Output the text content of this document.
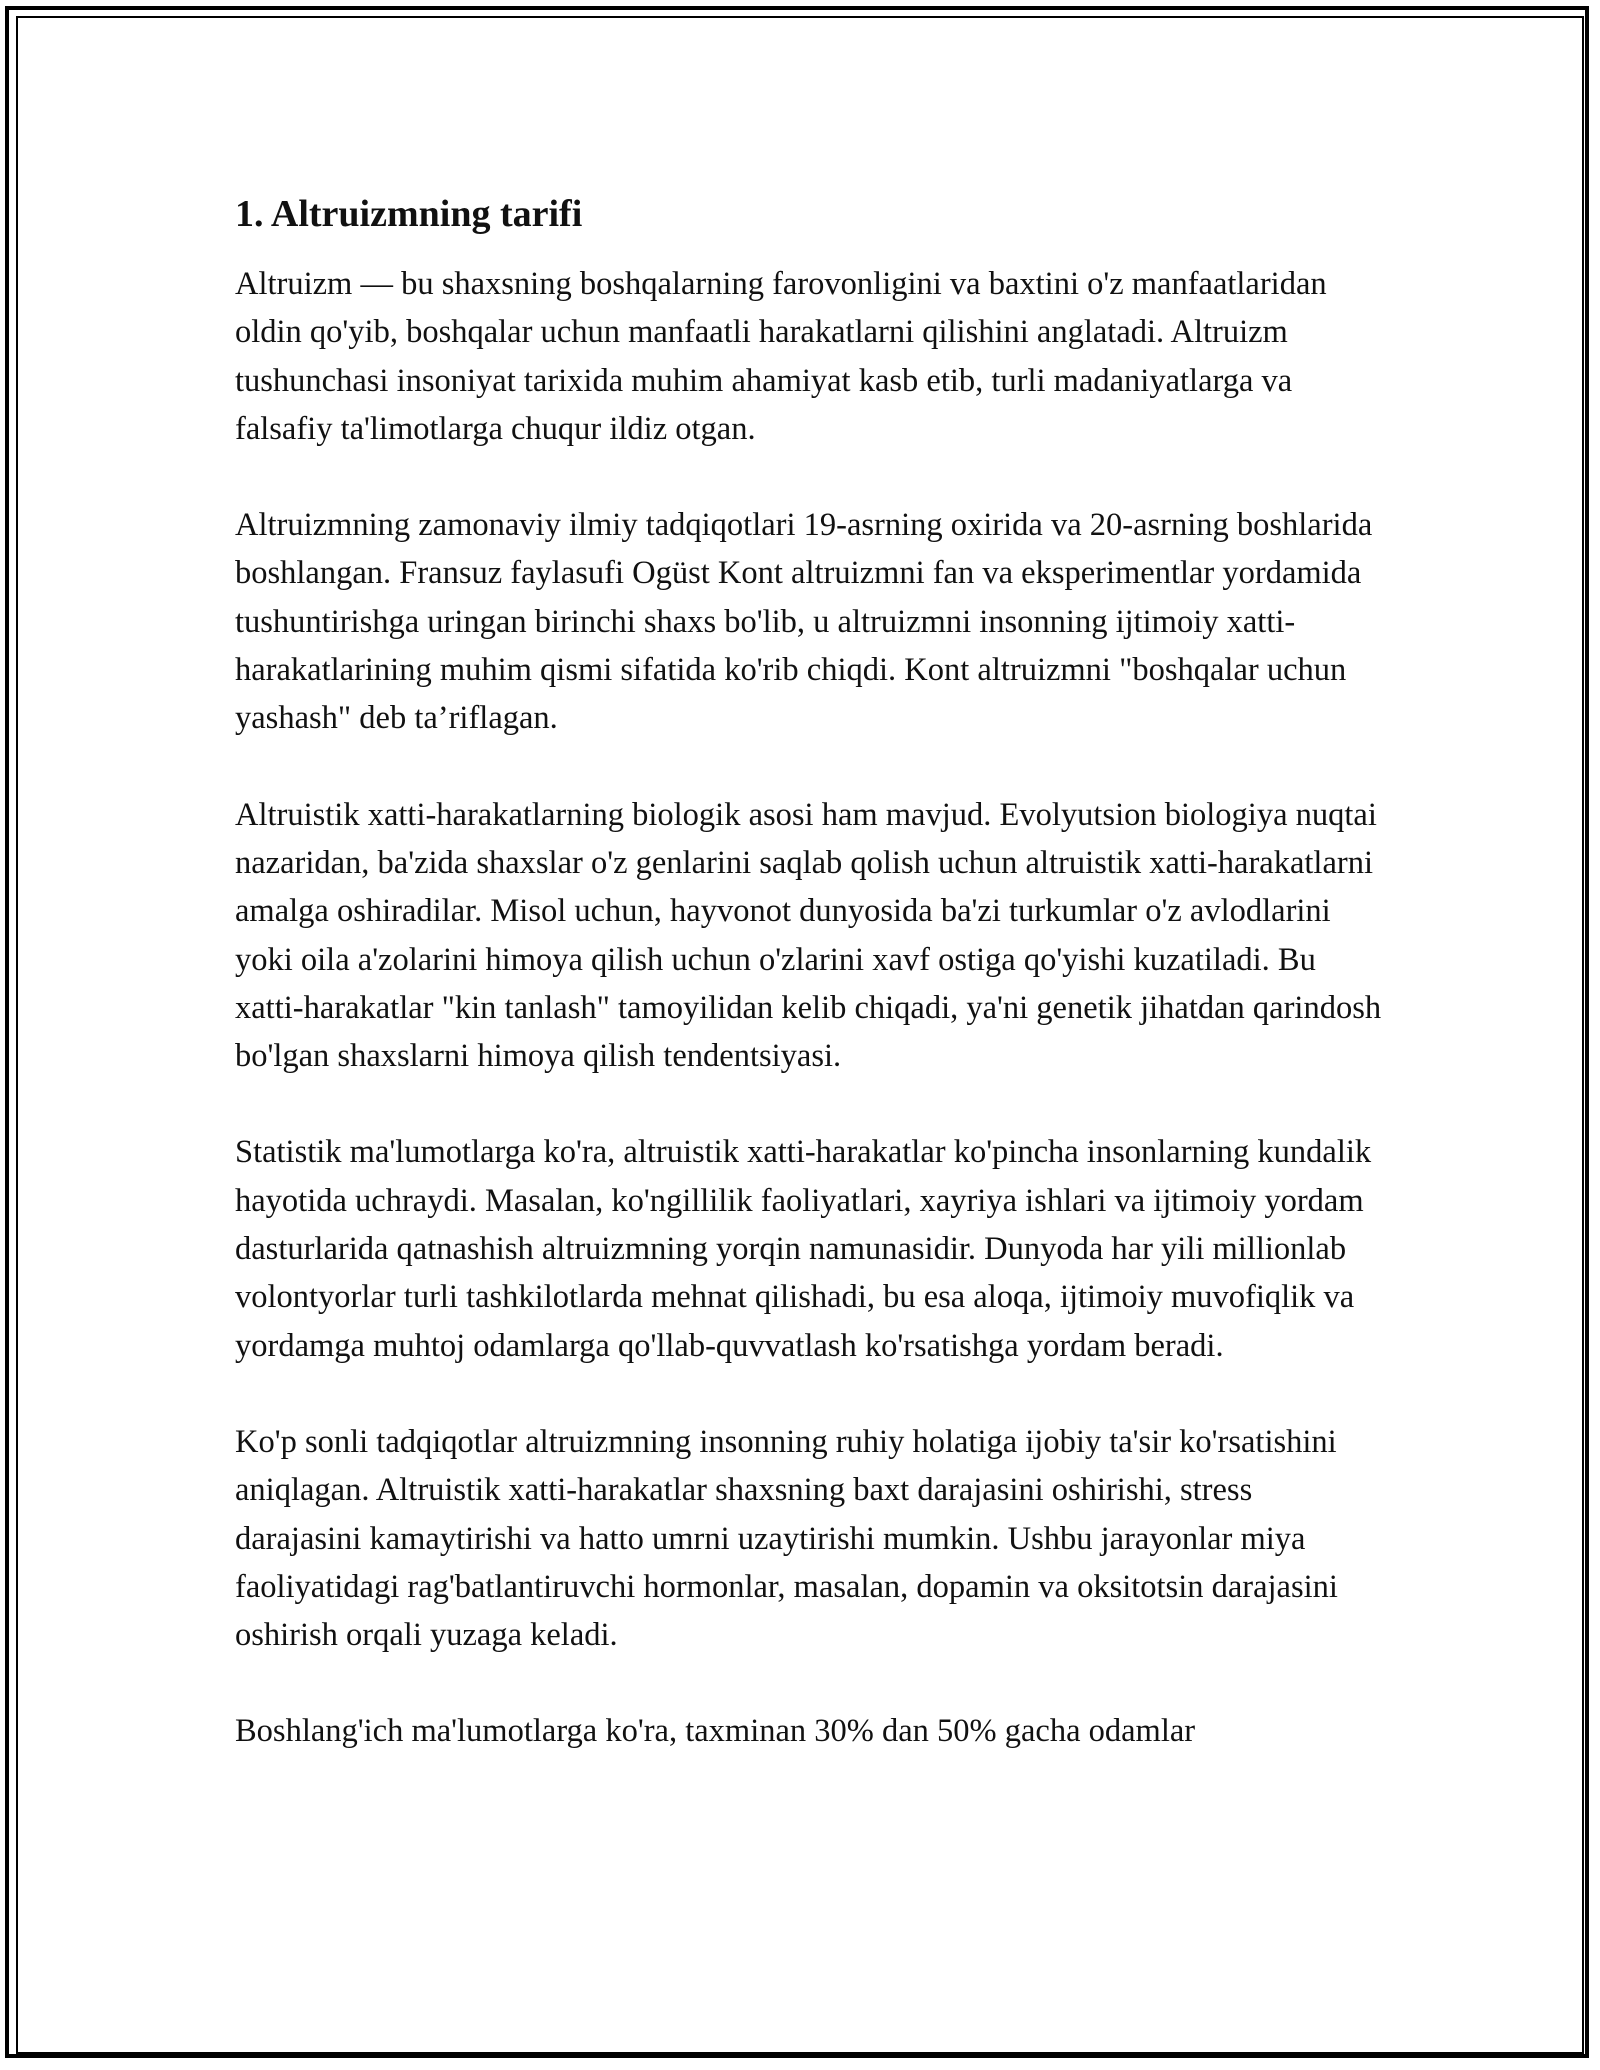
1. Altruizmning tarifi

Altruizm — bu shaxsning boshqalarning farovonligini va baxtini o'z manfaatlaridan oldin qo'yib, boshqalar uchun manfaatli harakatlarni qilishini anglatadi. Altruizm tushunchasi insoniyat tarixida muhim ahamiyat kasb etib, turli madaniyatlarga va falsafiy ta'limotlarga chuqur ildiz otgan.

Altruizmning zamonaviy ilmiy tadqiqotlari 19-asrning oxirida va 20-asrning boshlarida boshlangan. Fransuz faylasufi Ogüst Kont altruizmni fan va eksperimentlar yordamida tushuntirishga uringan birinchi shaxs bo'lib, u altruizmni insonning ijtimoiy xatti-harakatlarining muhim qismi sifatida ko'rib chiqdi. Kont altruizmni "boshqalar uchun yashash" deb ta’riflagan.

Altruistik xatti-harakatlarning biologik asosi ham mavjud. Evolyutsion biologiya nuqtai nazaridan, ba'zida shaxslar o'z genlarini saqlab qolish uchun altruistik xatti-harakatlarni amalga oshiradilar. Misol uchun, hayvonot dunyosida ba'zi turkumlar o'z avlodlarini yoki oila a'zolarini himoya qilish uchun o'zlarini xavf ostiga qo'yishi kuzatiladi. Bu xatti-harakatlar "kin tanlash" tamoyilidan kelib chiqadi, ya'ni genetik jihatdan qarindosh bo'lgan shaxslarni himoya qilish tendentsiyasi.

Statistik ma'lumotlarga ko'ra, altruistik xatti-harakatlar ko'pincha insonlarning kundalik hayotida uchraydi. Masalan, ko'ngillilik faoliyatlari, xayriya ishlari va ijtimoiy yordam dasturlarida qatnashish altruizmning yorqin namunasidir. Dunyoda har yili millionlab volontyorlar turli tashkilotlarda mehnat qilishadi, bu esa aloqa, ijtimoiy muvofiqlik va yordamga muhtoj odamlarga qo'llab-quvvatlash ko'rsatishga yordam beradi.

Ko'p sonli tadqiqotlar altruizmning insonning ruhiy holatiga ijobiy ta'sir ko'rsatishini aniqlagan. Altruistik xatti-harakatlar shaxsning baxt darajasini oshirishi, stress darajasini kamaytirishi va hatto umrni uzaytirishi mumkin. Ushbu jarayonlar miya faoliyatidagi rag'batlantiruvchi hormonlar, masalan, dopamin va oksitotsin darajasini oshirish orqali yuzaga keladi.

Boshlang'ich ma'lumotlarga ko'ra, taxminan 30% dan 50% gacha odamlar
